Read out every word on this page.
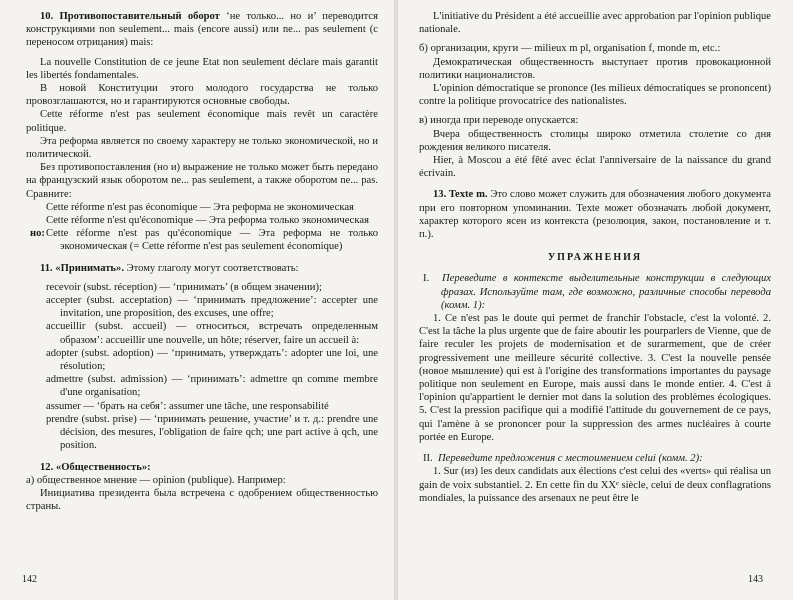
10. Противопоставительный оборот ‘не только... но и’ переводится конструкциями non seulement... mais (encore aussi) или ne... pas seulement (с переносом отрицания) mais:

La nouvelle Constitution de ce jeune Etat non seulement déclare mais garantit les libertés fondamentales.

В новой Конституции этого молодого государства не только провозглашаются, но и гарантируются основные свободы.

Cette réforme n'est pas seulement économique mais revêt un caractère politique.

Эта реформа является по своему характеру не только экономической, но и политической.

Без противопоставления (но и) выражение не только может быть передано на французский язык оборотом ne... pas seulement, а также оборотом ne... pas. Сравните:

Cette réforme n'est pas économique — Эта реформа не экономическая

Cette réforme n'est qu'économique — Эта реформа только экономическая

но: Cette réforme n'est pas qu'économique — Эта реформа не только экономическая (= Cette réforme n'est pas seulement économique)

11. «Принимать». Этому глаголу могут соответствовать:

recevoir (subst. réception) — ‘принимать’ (в общем значении);

accepter (subst. acceptation) — ‘принимать предложение’: accepter une invitation, une proposition, des excuses, une offre;

accueillir (subst. accueil) — относиться, встречать определенным образом’: accueillir une nouvelle, un hôte; réserver, faire un accueil à:

adopter (subst. adoption) — ‘принимать, утверждать’: adopter une loi, une résolution;

admettre (subst. admission) — ‘принимать’: admettre qn comme membre d'une organisation;

assumer — ‘брать на себя’: assumer une tâche, une responsabilité

prendre (subst. prise) — ‘принимать решение, участие’ и т. д.: prendre une décision, des mesures, l'obligation de faire qch; une part active à qch, une position.

12. «Общественность»:

а) общественное мнение — opinion (publique). Например:

Инициатива президента была встречена с одобрением общественностью страны.

142

L'initiative du Président a été accueillie avec approbation par l'opinion publique nationale.

б) организации, круги — milieux m pl, organisation f, monde m, etc.:

Демократическая общественность выступает против провокационной политики националистов.

L'opinion démocratique se prononce (les milieux démocratiques se prononcent) contre la politique provocatrice des nationalistes.

в) иногда при переводе опускается:

Вчера общественность столицы широко отметила столетие со дня рождения великого писателя.

Hier, à Moscou a été fêté avec éclat l'anniversaire de la naissance du grand écrivain.

13. Texte m. Это слово может служить для обозначения любого документа при его повторном упоминании. Texte может обозначать любой документ, характер которого ясен из контекста (резолюция, закон, постановление и т. п.).

УПРАЖНЕНИЯ

I. Переведите в контексте выделительные конструкции в следующих фразах. Используйте там, где возможно, различные способы перевода (комм. 1):

1. Ce n'est pas le doute qui permet de franchir l'obstacle, c'est la volonté. 2. C'est la tâche la plus urgente que de faire aboutir les pourparlers de Vienne, que de faire reculer les projets de modernisation et de surarmement, que de créer progressivement une meilleure sécurité collective. 3. C'est la nouvelle pensée (новое мышление) qui est à l'origine des transformations importantes du paysage politique non seulement en Europe, mais aussi dans le monde entier. 4. C'est à l'opinion qu'appartient le dernier mot dans la solution des problèmes écologiques. 5. C'est la pression pacifique qui a modifié l'attitude du gouvernement de ce pays, qui l'amène à se prononcer pour la suppression des armes nucléaires à courte portée en Europe.

II. Переведите предложения с местоимением celui (комм. 2):

1. Sur (из) les deux candidats aux élections c'est celui des «verts» qui réalisa un gain de voix substantiel. 2. En cette fin du XXᵉ siècle, celui de deux conflagrations mondiales, la puissance des arsenaux ne peut être le

143
